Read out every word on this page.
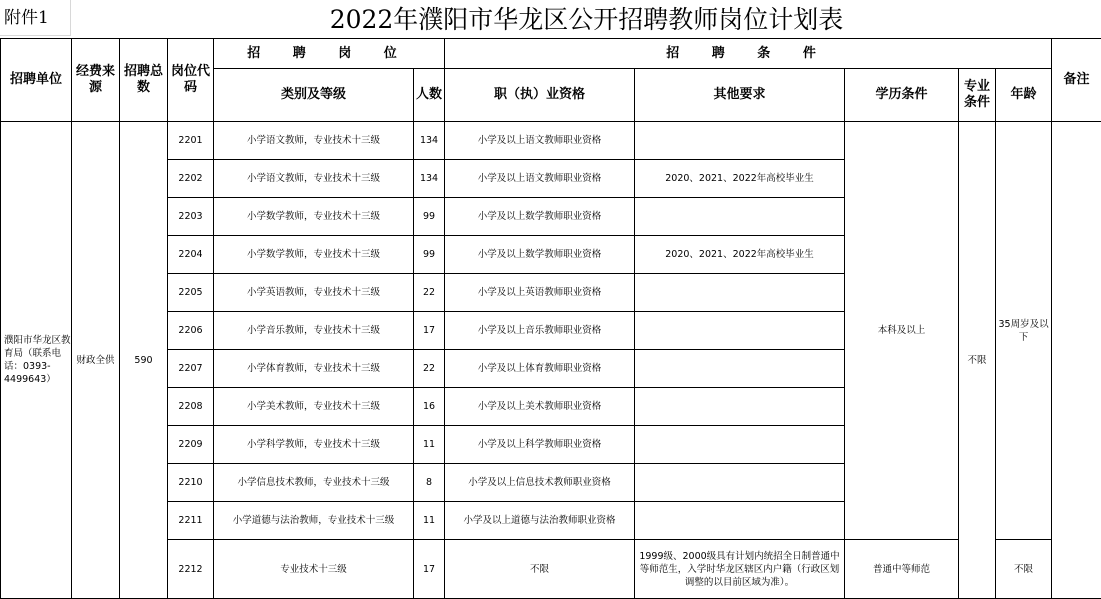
附件1	2022年濮阳市华龙区公开招聘教师岗位计划表
招聘单位	经费来源	招聘总数	岗位代码	招 聘 岗 位		招 聘 条 件					备注
				类别及等级	人数	职（执）业资格	其他要求	学历条件	专业条件	年龄	
濮阳市华龙区教育局（联系电话：0393-4499643）	财政全供	590	2201	小学语文教师，专业技术十三级	134	小学及以上语文教师职业资格		本科及以上	不限	35周岁及以下	
			2202	小学语文教师，专业技术十三级	134	小学及以上语文教师职业资格	2020、2021、2022年高校毕业生				
			2203	小学数学教师，专业技术十三级	99	小学及以上数学教师职业资格					
			2204	小学数学教师，专业技术十三级	99	小学及以上数学教师职业资格	2020、2021、2022年高校毕业生				
			2205	小学英语教师，专业技术十三级	22	小学及以上英语教师职业资格					
			2206	小学音乐教师，专业技术十三级	17	小学及以上音乐教师职业资格					
			2207	小学体育教师，专业技术十三级	22	小学及以上体育教师职业资格					
			2208	小学美术教师，专业技术十三级	16	小学及以上美术教师职业资格					
			2209	小学科学教师，专业技术十三级	11	小学及以上科学教师职业资格					
			2210	小学信息技术教师，专业技术十三级	8	小学及以上信息技术教师职业资格					
			2211	小学道德与法治教师，专业技术十三级	11	小学及以上道德与法治教师职业资格					
			2212	专业技术十三级	17	不限	1999级、2000级具有计划内统招全日制普通中等师范生，入学时华龙区辖区内户籍（行政区划调整的以目前区域为准）。	普通中等师范		不限	
